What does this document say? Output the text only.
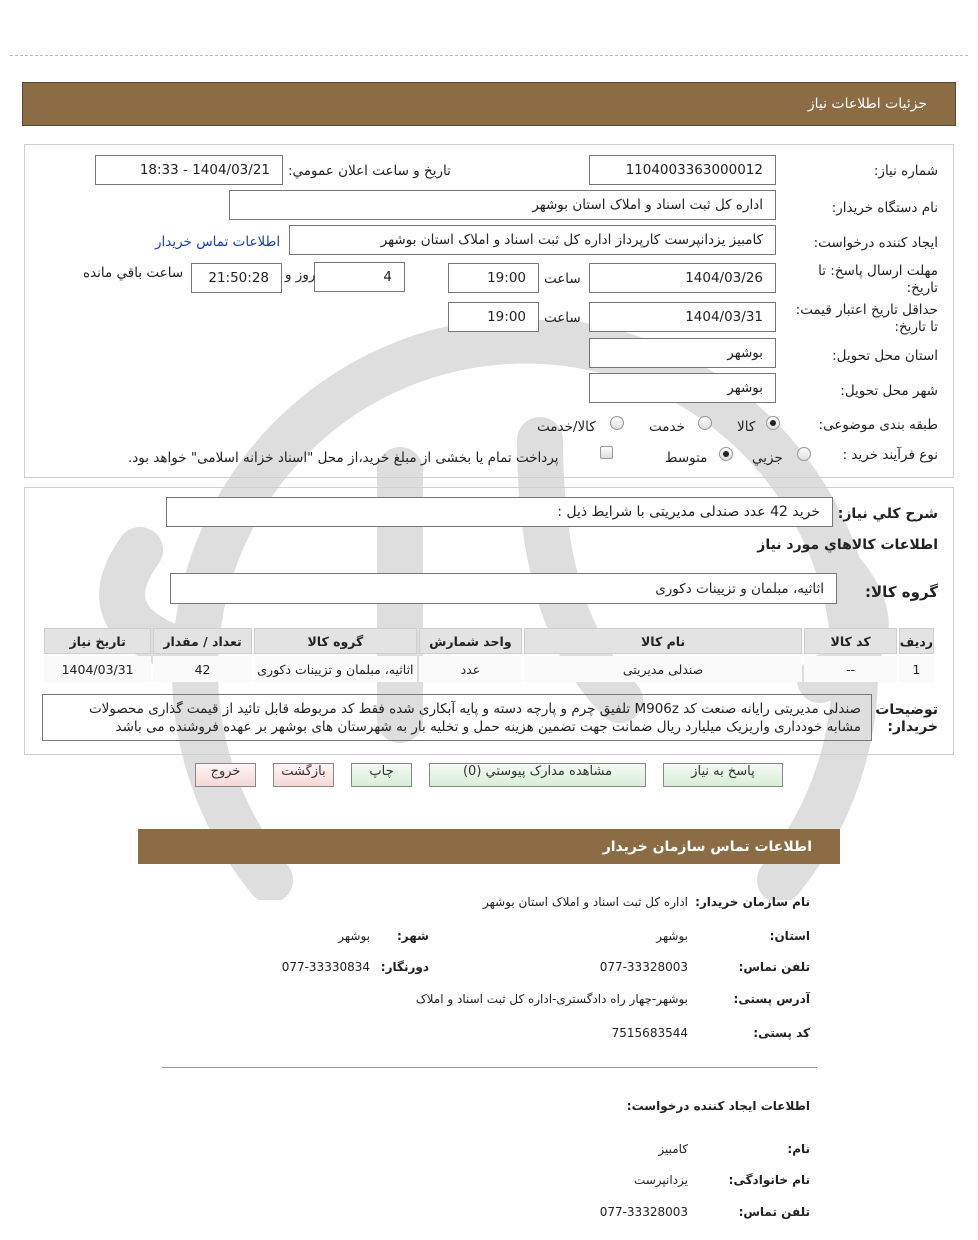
جزئیات اطلاعات نیاز
شماره نیاز:
1104003363000012
تاریخ و ساعت اعلان عمومي:
1404/03/21 - 18:33
نام دستگاه خریدار:
اداره کل ثبت اسناد و املاک استان بوشهر
ایجاد کننده درخواست:
کامبیز یزدانپرست کارپرداز اداره کل ثبت اسناد و املاک استان بوشهر
اطلاعات تماس خریدار
مهلت ارسال پاسخ: تا تاریخ:
1404/03/26
ساعت
19:00
4
روز و
21:50:28
ساعت باقي مانده
حداقل تاریخ اعتبار قیمت: تا تاریخ:
1404/03/31
ساعت
19:00
استان محل تحویل:
بوشهر
شهر محل تحویل:
بوشهر
طبقه بندی موضوعی:
کالا
خدمت
کالا/خدمت
نوع فرآیند خرید :
جزیي
متوسط
پرداخت تمام یا بخشی از مبلغ خرید،از محل "اسناد خزانه اسلامی" خواهد بود.
شرح کلي نیاز:
خرید 42 عدد صندلی مدیریتی با شرایط ذیل :
اطلاعات کالاهاي مورد نیاز
گروه کالا:
اثاثیه، مبلمان و تزیینات دکوری
ردیف	کد کالا	نام کالا	واحد شمارش	گروه کالا	تعداد / مقدار	تاریخ نیاز
1	--	صندلی مدیریتی	عدد	اثاثیه، مبلمان و تزیینات دکوری	42	1404/03/31
توضیحات خریدار:
صندلی مدیریتی رایانه صنعت کد M906z تلفیق چرم و پارچه دسته و پایه آبکاری شده فقط کد مربوطه قابل تائید از قیمت گذاری محصولات مشابه خودداری واریزیک میلیارد ریال ضمانت جهت تضمین هزینه حمل و تخلیه بار به شهرستان های بوشهر بر عهده فروشنده می باشد
پاسخ به نیاز
مشاهده مدارک پیوستي (0)
چاپ
بازگشت
خروج
اطلاعات تماس سازمان خریدار
نام سازمان خریدار:
اداره کل ثبت اسناد و املاک استان بوشهر
استان:
بوشهر
شهر:
بوشهر
تلفن تماس:
077-33328003
دورنگار:
077-33330834
آدرس پستی:
بوشهر-چهار راه دادگستری-اداره کل ثبت اسناد و املاک
کد پستی:
7515683544
اطلاعات ایجاد کننده درخواست:
نام:
کامبیز
نام خانوادگی:
یزدانپرست
تلفن تماس:
077-33328003
